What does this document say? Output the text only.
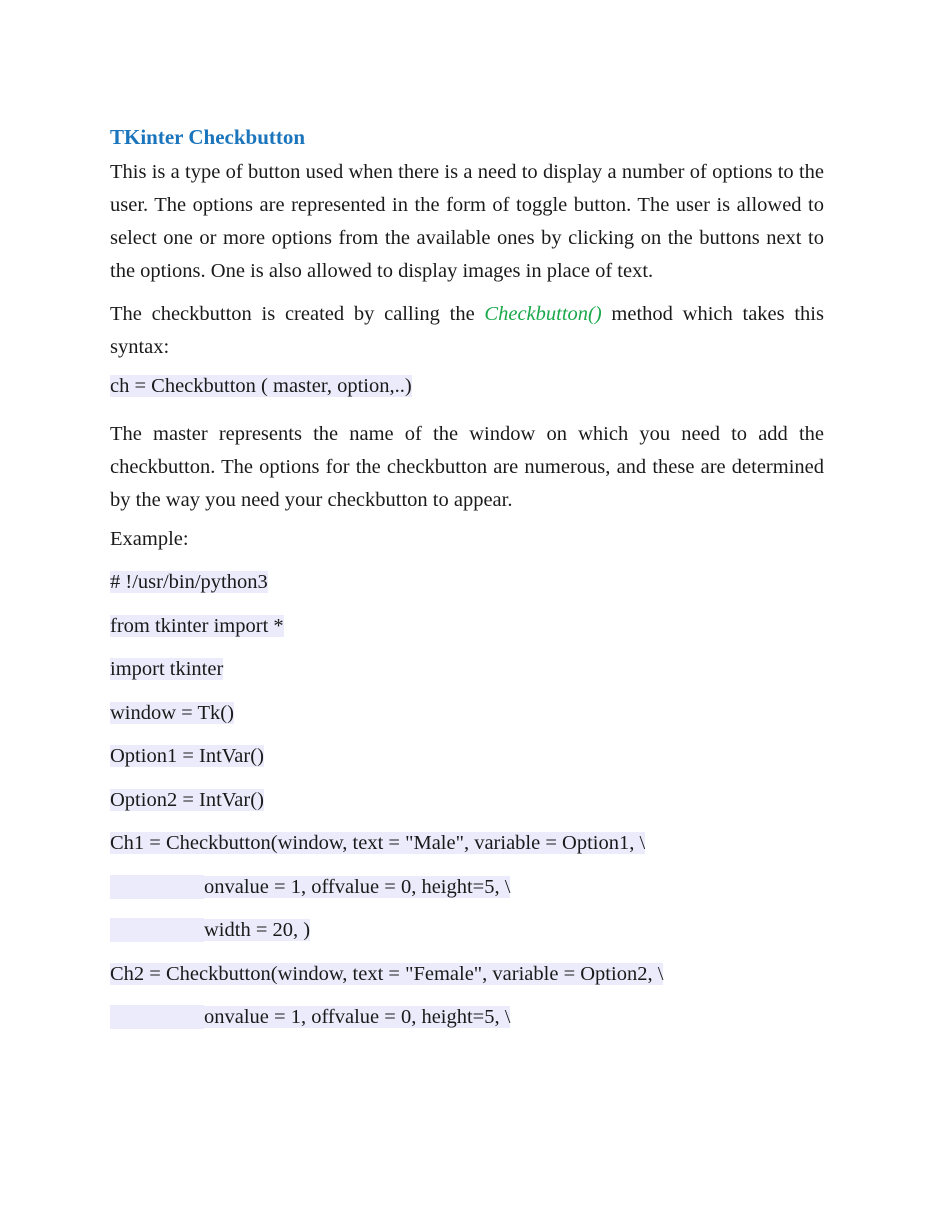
TKinter Checkbutton

This is a type of button used when there is a need to display a number of options to the user. The options are represented in the form of toggle button. The user is allowed to select one or more options from the available ones by clicking on the buttons next to the options. One is also allowed to display images in place of text.

The checkbutton is created by calling the Checkbutton() method which takes this syntax:

ch = Checkbutton ( master, option,..)

The master represents the name of the window on which you need to add the checkbutton. The options for the checkbutton are numerous, and these are determined by the way you need your checkbutton to appear.

Example:
# !/usr/bin/python3
from tkinter import *
import tkinter
window = Tk()
Option1 = IntVar()
Option2 = IntVar()
Ch1 = Checkbutton(window, text = "Male", variable = Option1, \
onvalue = 1, offvalue = 0, height=5, \
width = 20, )
Ch2 = Checkbutton(window, text = "Female", variable = Option2, \
onvalue = 1, offvalue = 0, height=5, \
